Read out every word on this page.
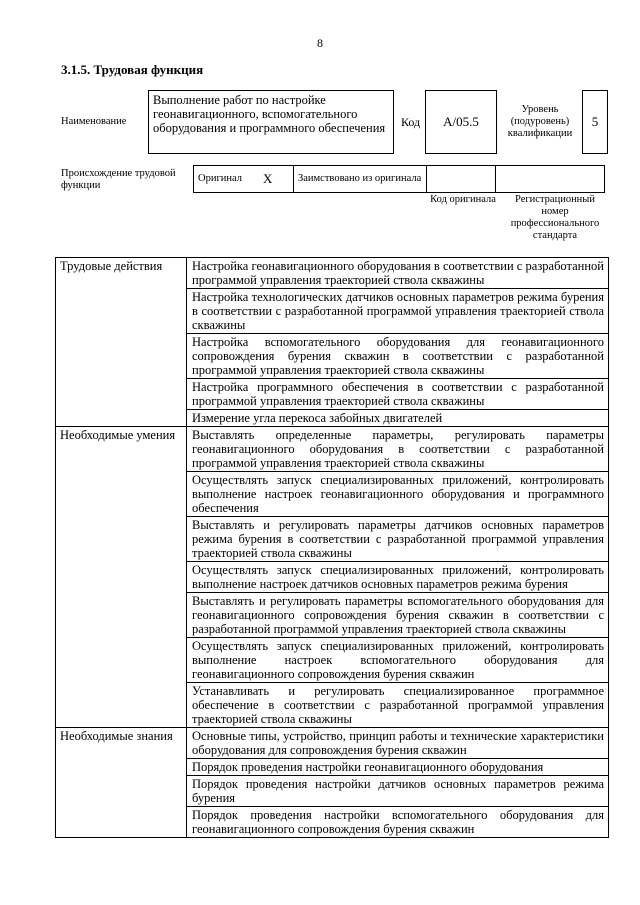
8
3.1.5. Трудовая функция
Наименование
Выполнение работ по настройке геонавигационного, вспомогательного оборудования и программного обеспечения	Код	А/05.5
Уровень (подуровень) квалификации
5
Происхождение трудовой функции
Оригинал	X	Заимствовано из оригинала		
Код оригинала	Регистрационный номер профессионального стандарта
Трудовые действия	Настройка геонавигационного оборудования в соответствии с разработанной программой управления траекторией ствола скважины
	Настройка технологических датчиков основных параметров режима бурения в соответствии с разработанной программой управления траекторией ствола скважины
	Настройка вспомогательного оборудования для геонавигационного сопровождения бурения скважин в соответствии с разработанной программой управления траекторией ствола скважины
	Настройка программного обеспечения в соответствии с разработанной программой управления траекторией ствола скважины
	Измерение угла перекоса забойных двигателей
Необходимые умения	Выставлять определенные параметры, регулировать параметры геонавигационного оборудования в соответствии с разработанной программой управления траекторией ствола скважины
	Осуществлять запуск специализированных приложений, контролировать выполнение настроек геонавигационного оборудования и программного обеспечения
	Выставлять и регулировать параметры датчиков основных параметров режима бурения в соответствии с разработанной программой управления траекторией ствола скважины
	Осуществлять запуск специализированных приложений, контролировать выполнение настроек датчиков основных параметров режима бурения
	Выставлять и регулировать параметры вспомогательного оборудования для геонавигационного сопровождения бурения скважин в соответствии с разработанной программой управления траекторией ствола скважины
	Осуществлять запуск специализированных приложений, контролировать выполнение настроек вспомогательного оборудования для геонавигационного сопровождения бурения скважин
	Устанавливать и регулировать специализированное программное обеспечение в соответствии с разработанной программой управления траекторией ствола скважины
Необходимые знания	Основные типы, устройство, принцип работы и технические характеристики оборудования для сопровождения бурения скважин
	Порядок проведения настройки геонавигационного оборудования
	Порядок проведения настройки датчиков основных параметров режима бурения
	Порядок проведения настройки вспомогательного оборудования для геонавигационного сопровождения бурения скважин
